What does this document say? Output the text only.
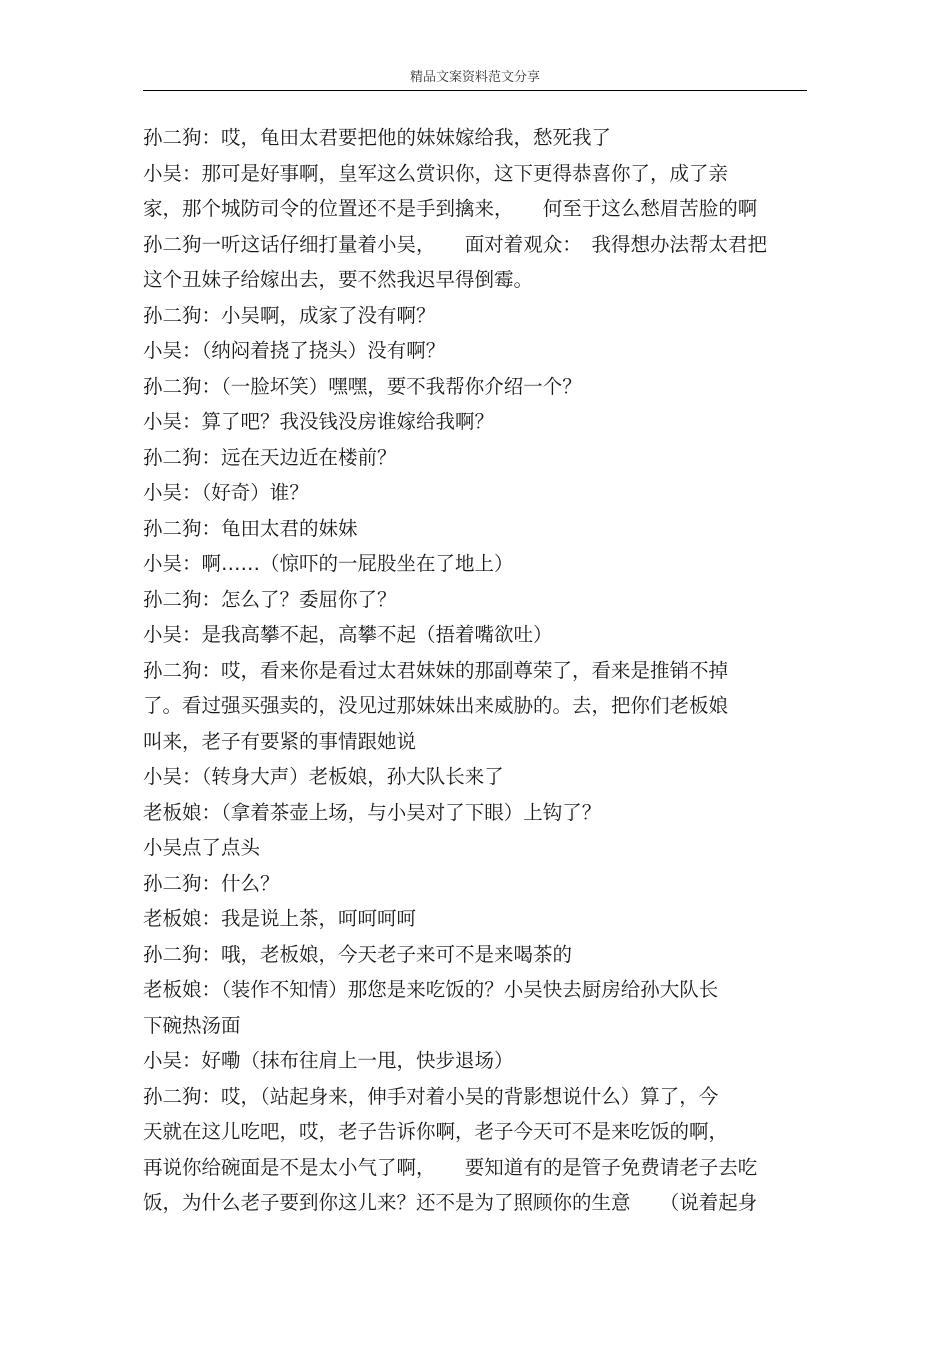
精品文案资料范文分享
孙二狗：哎，龟田太君要把他的妹妹嫁给我，愁死我了
小吴：那可是好事啊，皇军这么赏识你，这下更得恭喜你了，成了亲
家，那个城防司令的位置还不是手到擒来，　　何至于这么愁眉苦脸的啊
孙二狗一听这话仔细打量着小吴，　　面对着观众：　我得想办法帮太君把
这个丑妹子给嫁出去，要不然我迟早得倒霉。
孙二狗：小吴啊，成家了没有啊？
小吴：（纳闷着挠了挠头）没有啊？
孙二狗：（一脸坏笑）嘿嘿，要不我帮你介绍一个？
小吴：算了吧？我没钱没房谁嫁给我啊？
孙二狗：远在天边近在楼前？
小吴：（好奇）谁？
孙二狗：龟田太君的妹妹
小吴：啊……（惊吓的一屁股坐在了地上）
孙二狗：怎么了？委屈你了？
小吴：是我高攀不起，高攀不起（捂着嘴欲吐）
孙二狗：哎，看来你是看过太君妹妹的那副尊荣了，看来是推销不掉
了。看过强买强卖的，没见过那妹妹出来威胁的。去，把你们老板娘
叫来，老子有要紧的事情跟她说
小吴：（转身大声）老板娘，孙大队长来了
老板娘：（拿着茶壶上场，与小吴对了下眼）上钩了？
小吴点了点头
孙二狗：什么？
老板娘：我是说上茶，呵呵呵呵
孙二狗：哦，老板娘，今天老子来可不是来喝茶的
老板娘：（装作不知情）那您是来吃饭的？小吴快去厨房给孙大队长
下碗热汤面
小吴：好嘞（抹布往肩上一甩，快步退场）
孙二狗：哎，（站起身来，伸手对着小吴的背影想说什么）算了，今
天就在这儿吃吧，哎，老子告诉你啊，老子今天可不是来吃饭的啊，
再说你给碗面是不是太小气了啊，　　要知道有的是管子免费请老子去吃
饭，为什么老子要到你这儿来？还不是为了照顾你的生意　　（说着起身
